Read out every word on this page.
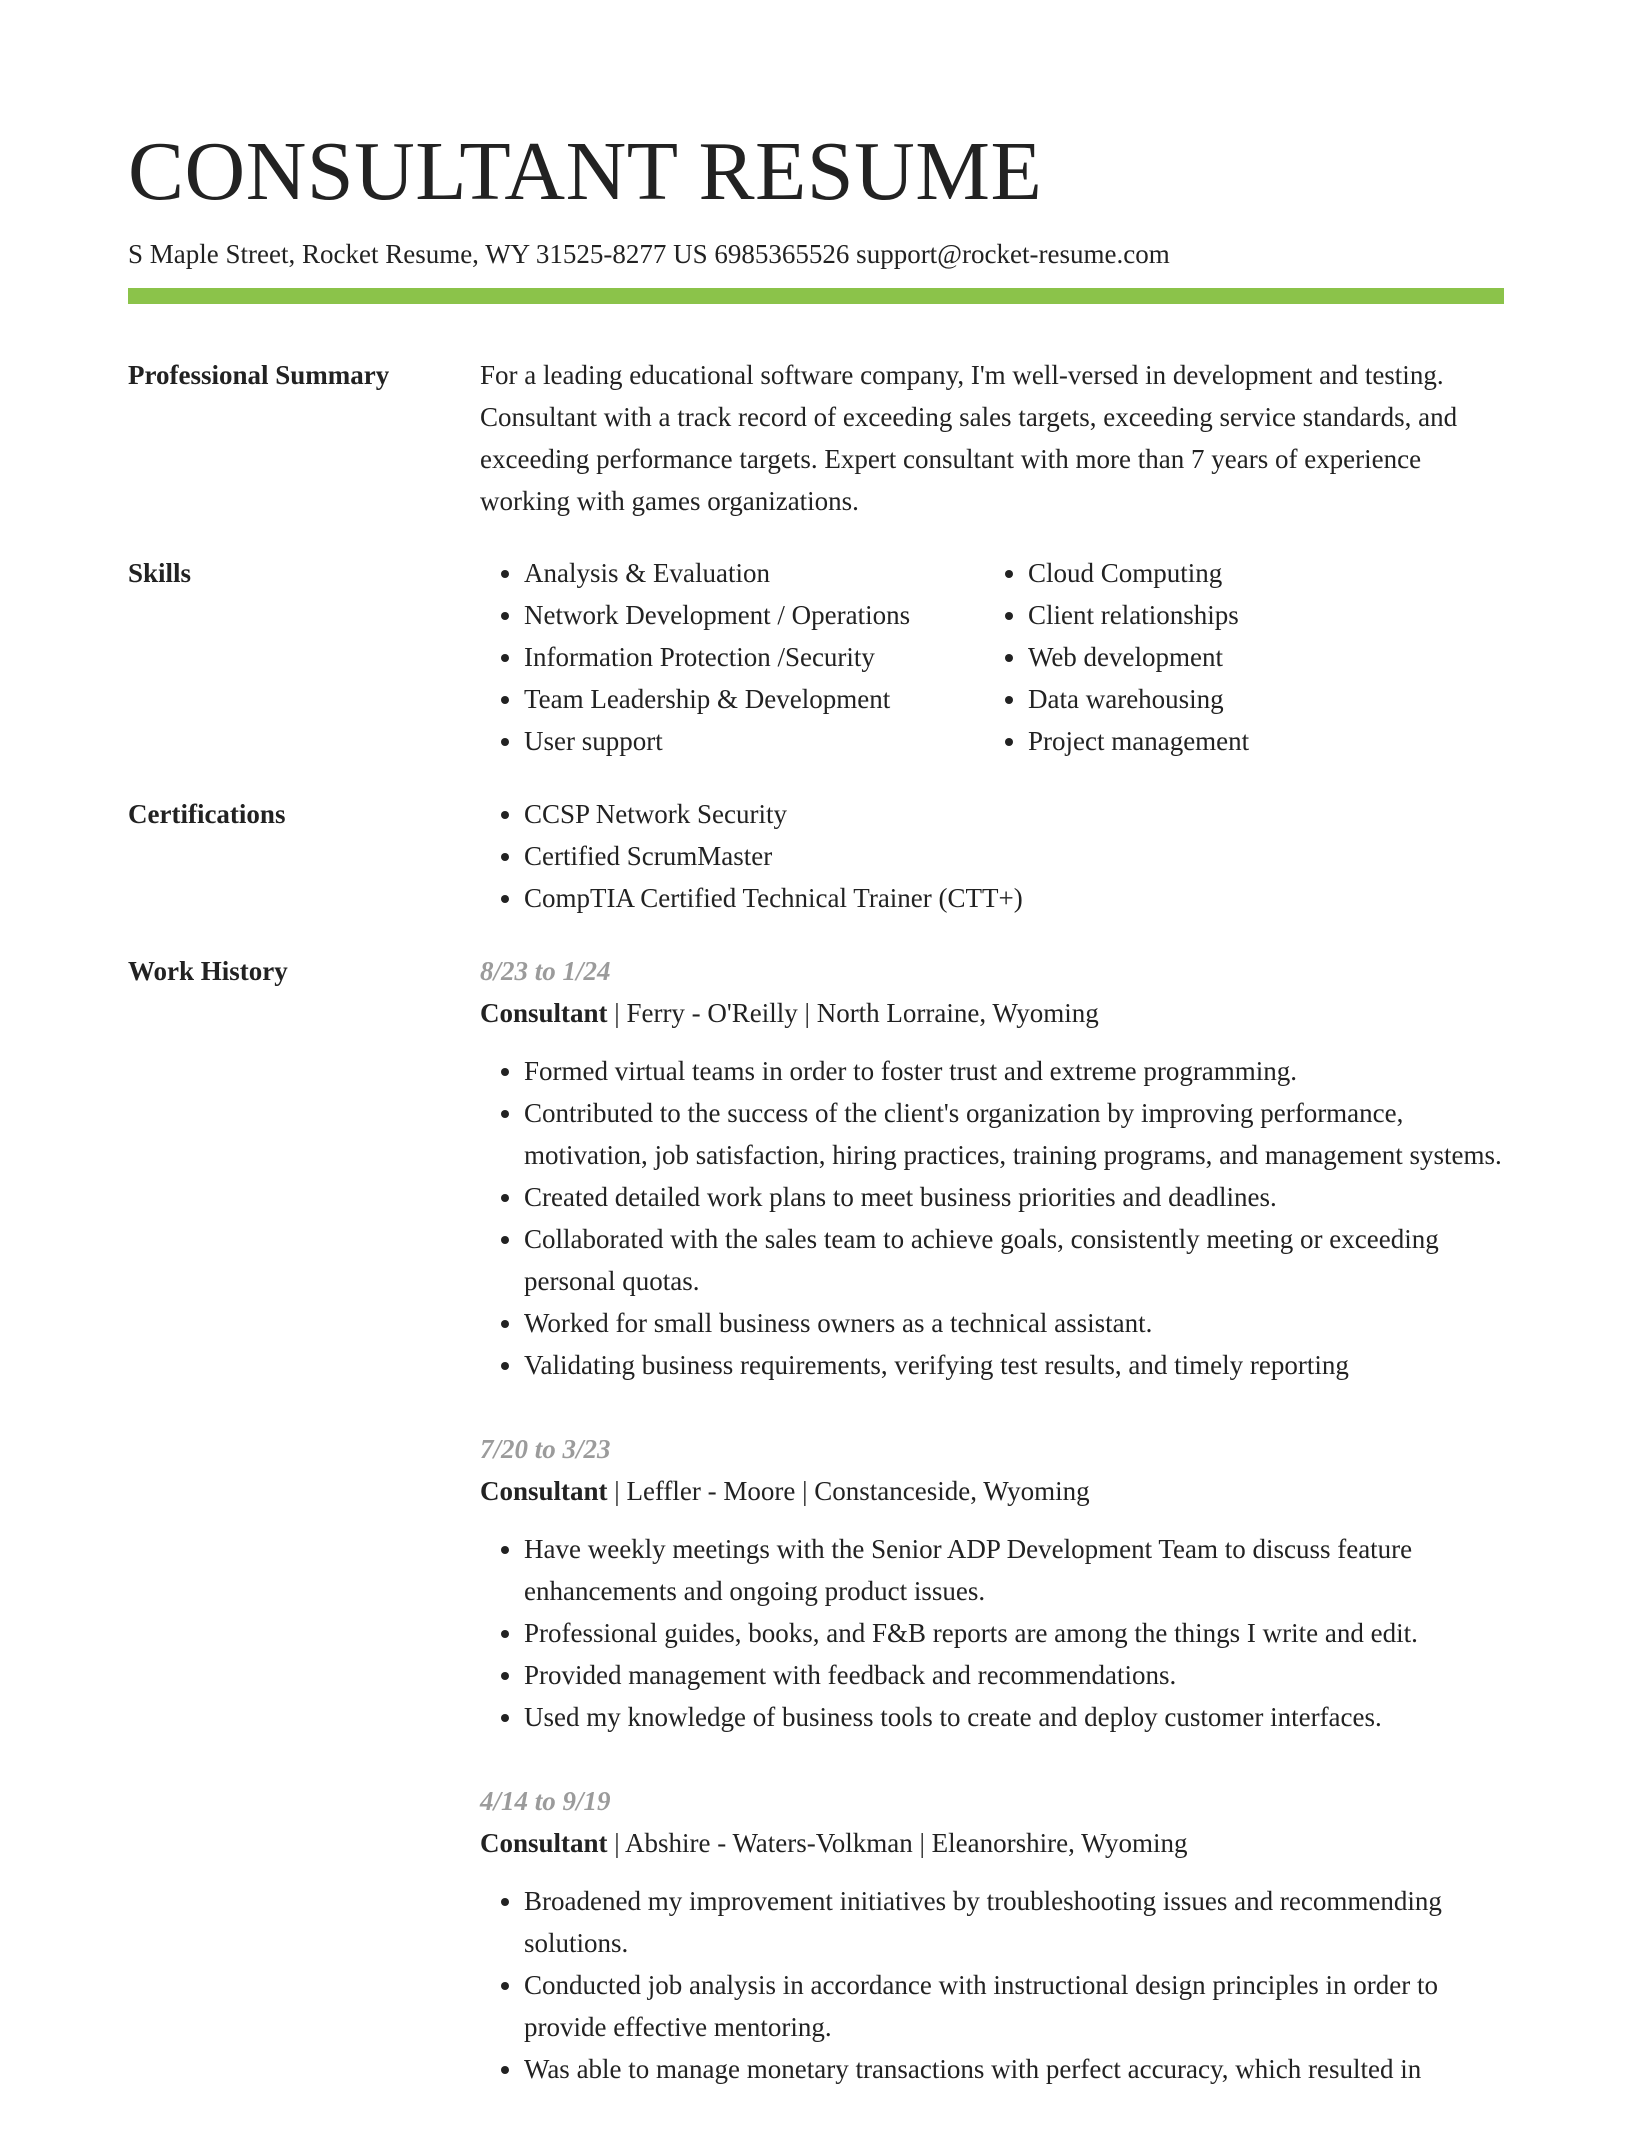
CONSULTANT RESUME
S Maple Street, Rocket Resume, WY 31525-8277 US 6985365526 support@rocket-resume.com
Professional Summary	For a leading educational software company, I'm well-versed in development and testing. Consultant with a track record of exceeding sales targets, exceeding service standards, and exceeding performance targets. Expert consultant with more than 7 years of experience working with games organizations.

Skills	• Analysis & Evaluation
• Network Development / Operations
• Information Protection /Security
• Team Leadership & Development
• User support
• Cloud Computing
• Client relationships
• Web development
• Data warehousing
• Project management
Certifications	• CCSP Network Security
• Certified ScrumMaster
• CompTIA Certified Technical Trainer (CTT+)
Work History	8/23 to 1/24
Consultant | Ferry - O'Reilly | North Lorraine, Wyoming
• Formed virtual teams in order to foster trust and extreme programming.
• Contributed to the success of the client's organization by improving performance, motivation, job satisfaction, hiring practices, training programs, and management systems.
• Created detailed work plans to meet business priorities and deadlines.
• Collaborated with the sales team to achieve goals, consistently meeting or exceeding personal quotas.
• Worked for small business owners as a technical assistant.
• Validating business requirements, verifying test results, and timely reporting
7/20 to 3/23
Consultant | Leffler - Moore | Constanceside, Wyoming
• Have weekly meetings with the Senior ADP Development Team to discuss feature enhancements and ongoing product issues.
• Professional guides, books, and F&B reports are among the things I write and edit.
• Provided management with feedback and recommendations.
• Used my knowledge of business tools to create and deploy customer interfaces.
4/14 to 9/19
Consultant | Abshire - Waters-Volkman | Eleanorshire, Wyoming
• Broadened my improvement initiatives by troubleshooting issues and recommending solutions.
• Conducted job analysis in accordance with instructional design principles in order to provide effective mentoring.
• Was able to manage monetary transactions with perfect accuracy, which resulted in
